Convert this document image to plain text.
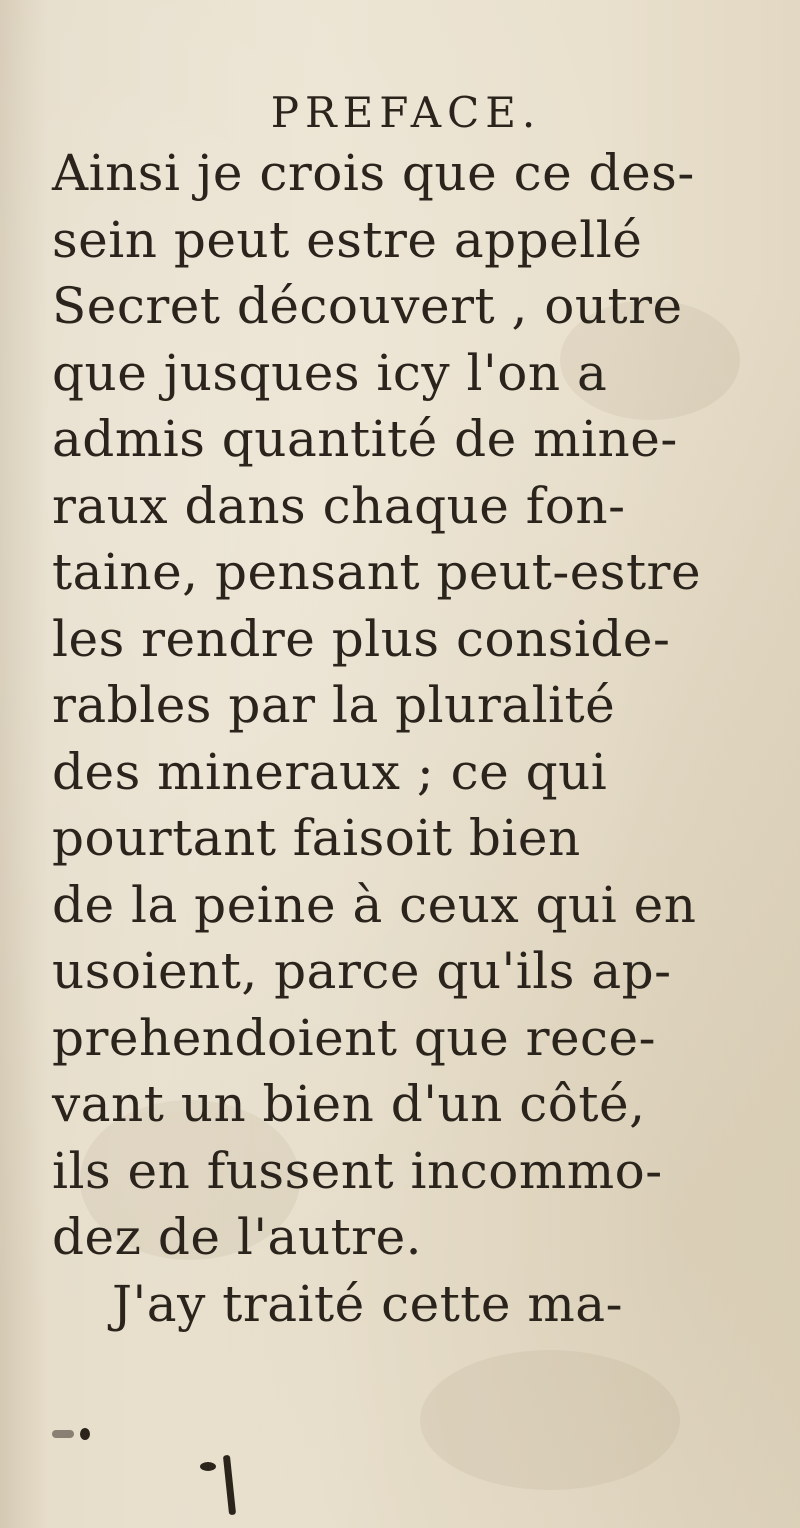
PREFACE.
Ainsi je crois que ce des-
sein peut estre appellé
Secret découvert , outre
que jusques icy l'on a
admis quantité de mine-
raux dans chaque fon-
taine, pensant peut-estre
les rendre plus conside-
rables par la pluralité
des mineraux ; ce qui
pourtant faisoit bien
de la peine à ceux qui en
usoient, parce qu'ils ap-
prehendoient que rece-
vant un bien d'un côté,
ils en fussent incommo-
dez de l'autre.
J'ay traité cette ma-
